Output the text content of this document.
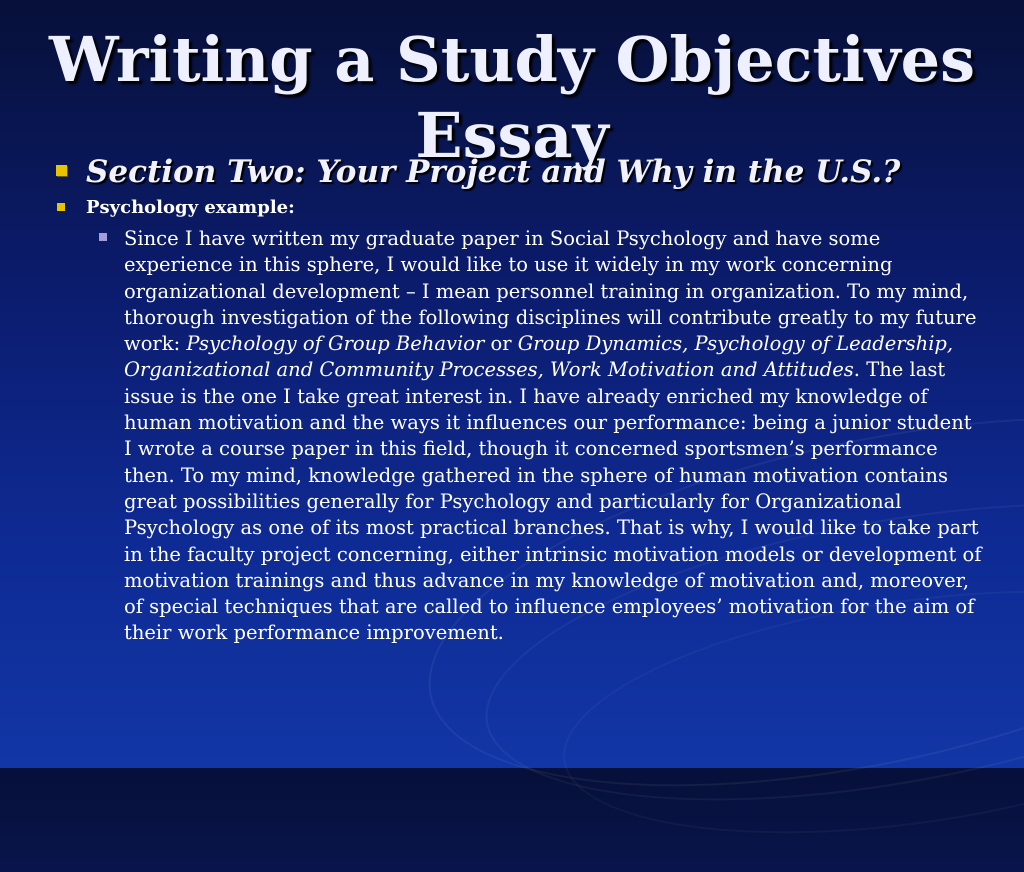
Writing a Study Objectives Essay
Section Two: Your Project and Why in the U.S.?
Psychology example:
Since I have written my graduate paper in Social Psychology and have some experience in this sphere, I would like to use it widely in my work concerning organizational development – I mean personnel training in organization. To my mind, thorough investigation of the following disciplines will contribute greatly to my future work: Psychology of Group Behavior or Group Dynamics, Psychology of Leadership, Organizational and Community Processes, Work Motivation and Attitudes. The last issue is the one I take great interest in. I have already enriched my knowledge of human motivation and the ways it influences our performance: being a junior student I wrote a course paper in this field, though it concerned sportsmen’s performance then. To my mind, knowledge gathered in the sphere of human motivation contains great possibilities generally for Psychology and particularly for Organizational Psychology as one of its most practical branches. That is why, I would like to take part in the faculty project concerning, either intrinsic motivation models or development of motivation trainings and thus advance in my knowledge of motivation and, moreover, of special techniques that are called to influence employees’ motivation for the aim of their work performance improvement.
